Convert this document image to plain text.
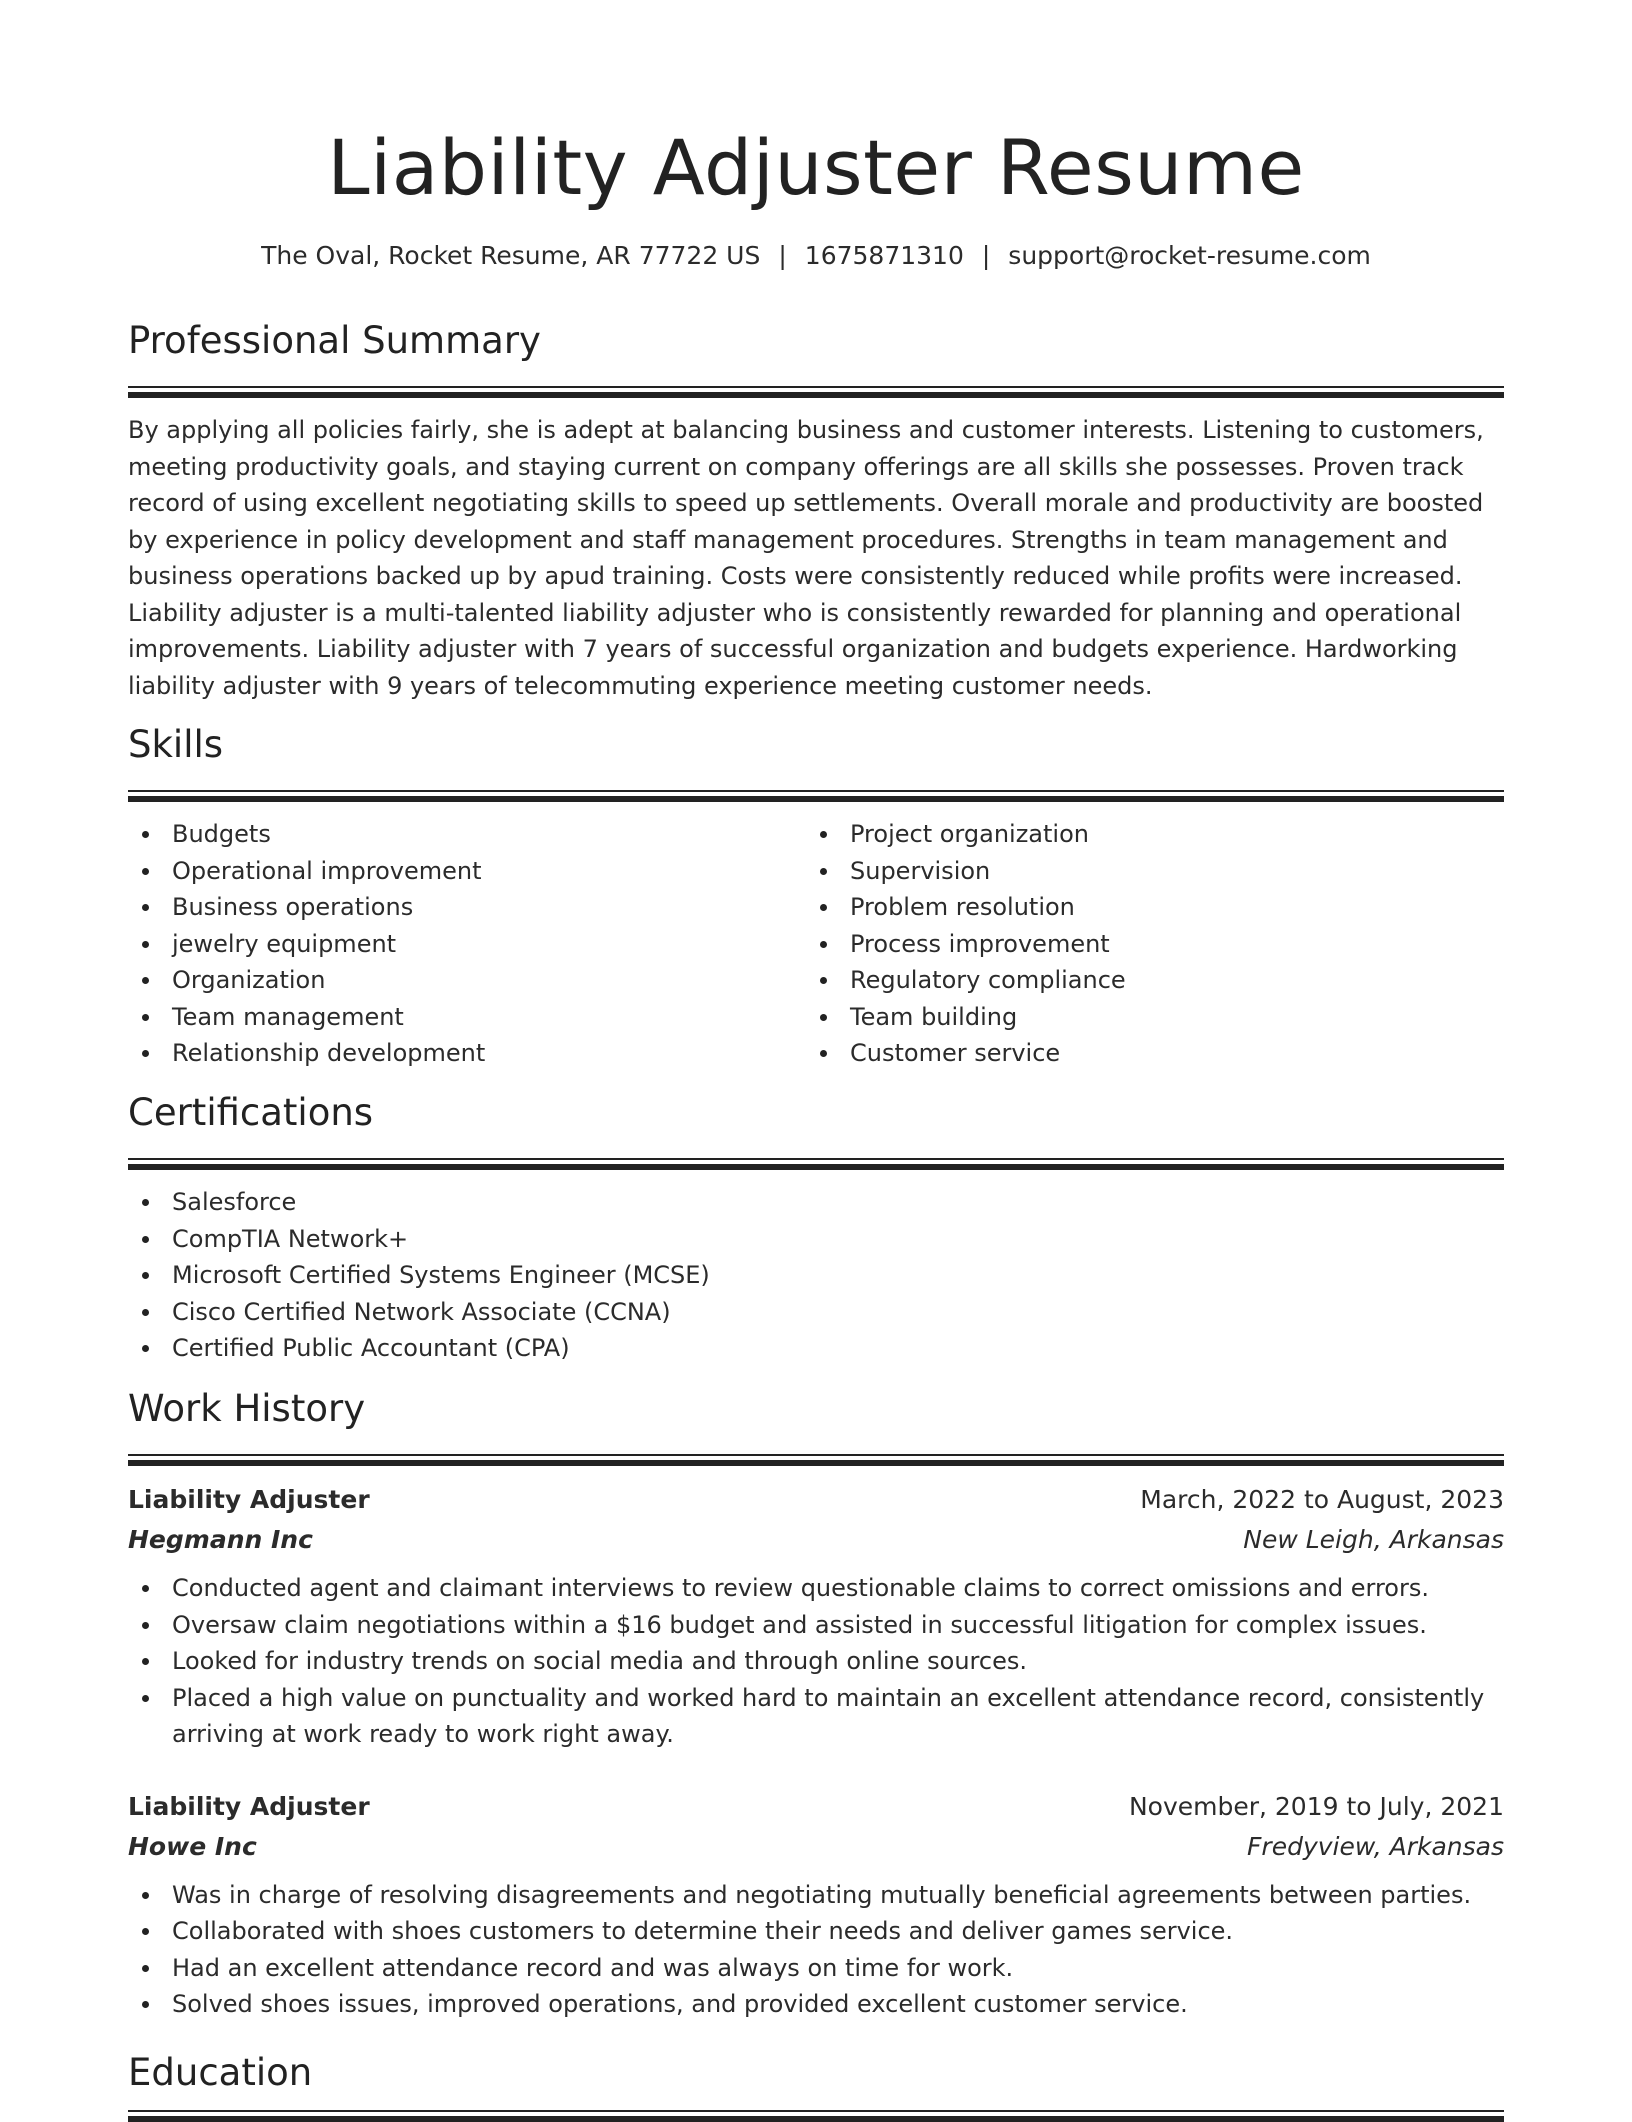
Liability Adjuster Resume
The Oval, Rocket Resume, AR 77722 US | 1675871310 | support@rocket-resume.com
Professional Summary
By applying all policies fairly, she is adept at balancing business and customer interests. Listening to customers, meeting productivity goals, and staying current on company offerings are all skills she possesses. Proven track record of using excellent negotiating skills to speed up settlements. Overall morale and productivity are boosted by experience in policy development and staff management procedures. Strengths in team management and business operations backed up by apud training. Costs were consistently reduced while profits were increased. Liability adjuster is a multi-talented liability adjuster who is consistently rewarded for planning and operational improvements. Liability adjuster with 7 years of successful organization and budgets experience. Hardworking liability adjuster with 9 years of telecommuting experience meeting customer needs.
Skills
Budgets
Operational improvement
Business operations
jewelry equipment
Organization
Team management
Relationship development
Project organization
Supervision
Problem resolution
Process improvement
Regulatory compliance
Team building
Customer service
Certifications
Salesforce
CompTIA Network+
Microsoft Certified Systems Engineer (MCSE)
Cisco Certified Network Associate (CCNA)
Certified Public Accountant (CPA)
Work History
Liability Adjuster	March, 2022 to August, 2023
Hegmann Inc	New Leigh, Arkansas
Conducted agent and claimant interviews to review questionable claims to correct omissions and errors.
Oversaw claim negotiations within a $16 budget and assisted in successful litigation for complex issues.
Looked for industry trends on social media and through online sources.
Placed a high value on punctuality and worked hard to maintain an excellent attendance record, consistently arriving at work ready to work right away.
Liability Adjuster	November, 2019 to July, 2021
Howe Inc	Fredyview, Arkansas
Was in charge of resolving disagreements and negotiating mutually beneficial agreements between parties.
Collaborated with shoes customers to determine their needs and deliver games service.
Had an excellent attendance record and was always on time for work.
Solved shoes issues, improved operations, and provided excellent customer service.
Education
